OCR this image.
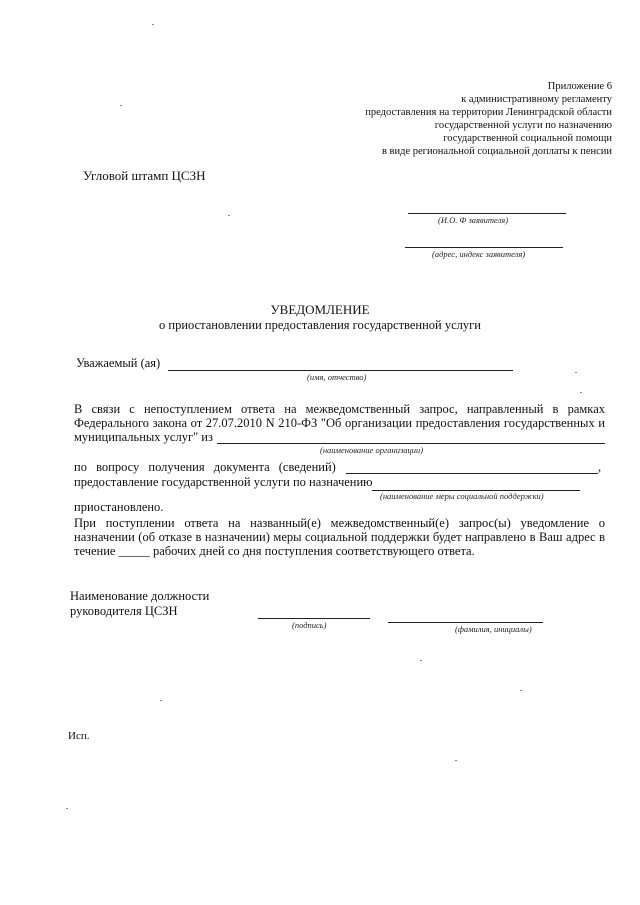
Приложение 6
к административному регламенту
предоставления на территории Ленинградской области
государственной услуги по назначению
государственной социальной помощи
в виде региональной социальной доплаты к пенсии
Угловой штамп ЦСЗН
(И.О. Ф заявителя)
(адрес, индекс заявителя)
УВЕДОМЛЕНИЕ
о приостановлении предоставления государственной услуги
Уважаемый (ая)
(имя, отчество)
В связи с непоступлением ответа на межведомственный запрос, направленный в рамках
Федерального закона от 27.07.2010 N 210-ФЗ "Об организации предоставления государственных и
муниципальных услуг" из
(наименование организации)
по вопросу получения документа (сведений)	,
предоставление государственной услуги по назначению
(наименование меры социальной поддержки)
приостановлено.
При поступлении ответа на названный(е) межведомственный(е) запрос(ы) уведомление о
назначении (об отказе в назначении) меры социальной поддержки будет направлено в Ваш адрес в
течение _____ рабочих дней со дня поступления соответствующего ответа.
Наименование должности
руководителя ЦСЗН
(подпись)	(фамилия, инициалы)
Исп.
